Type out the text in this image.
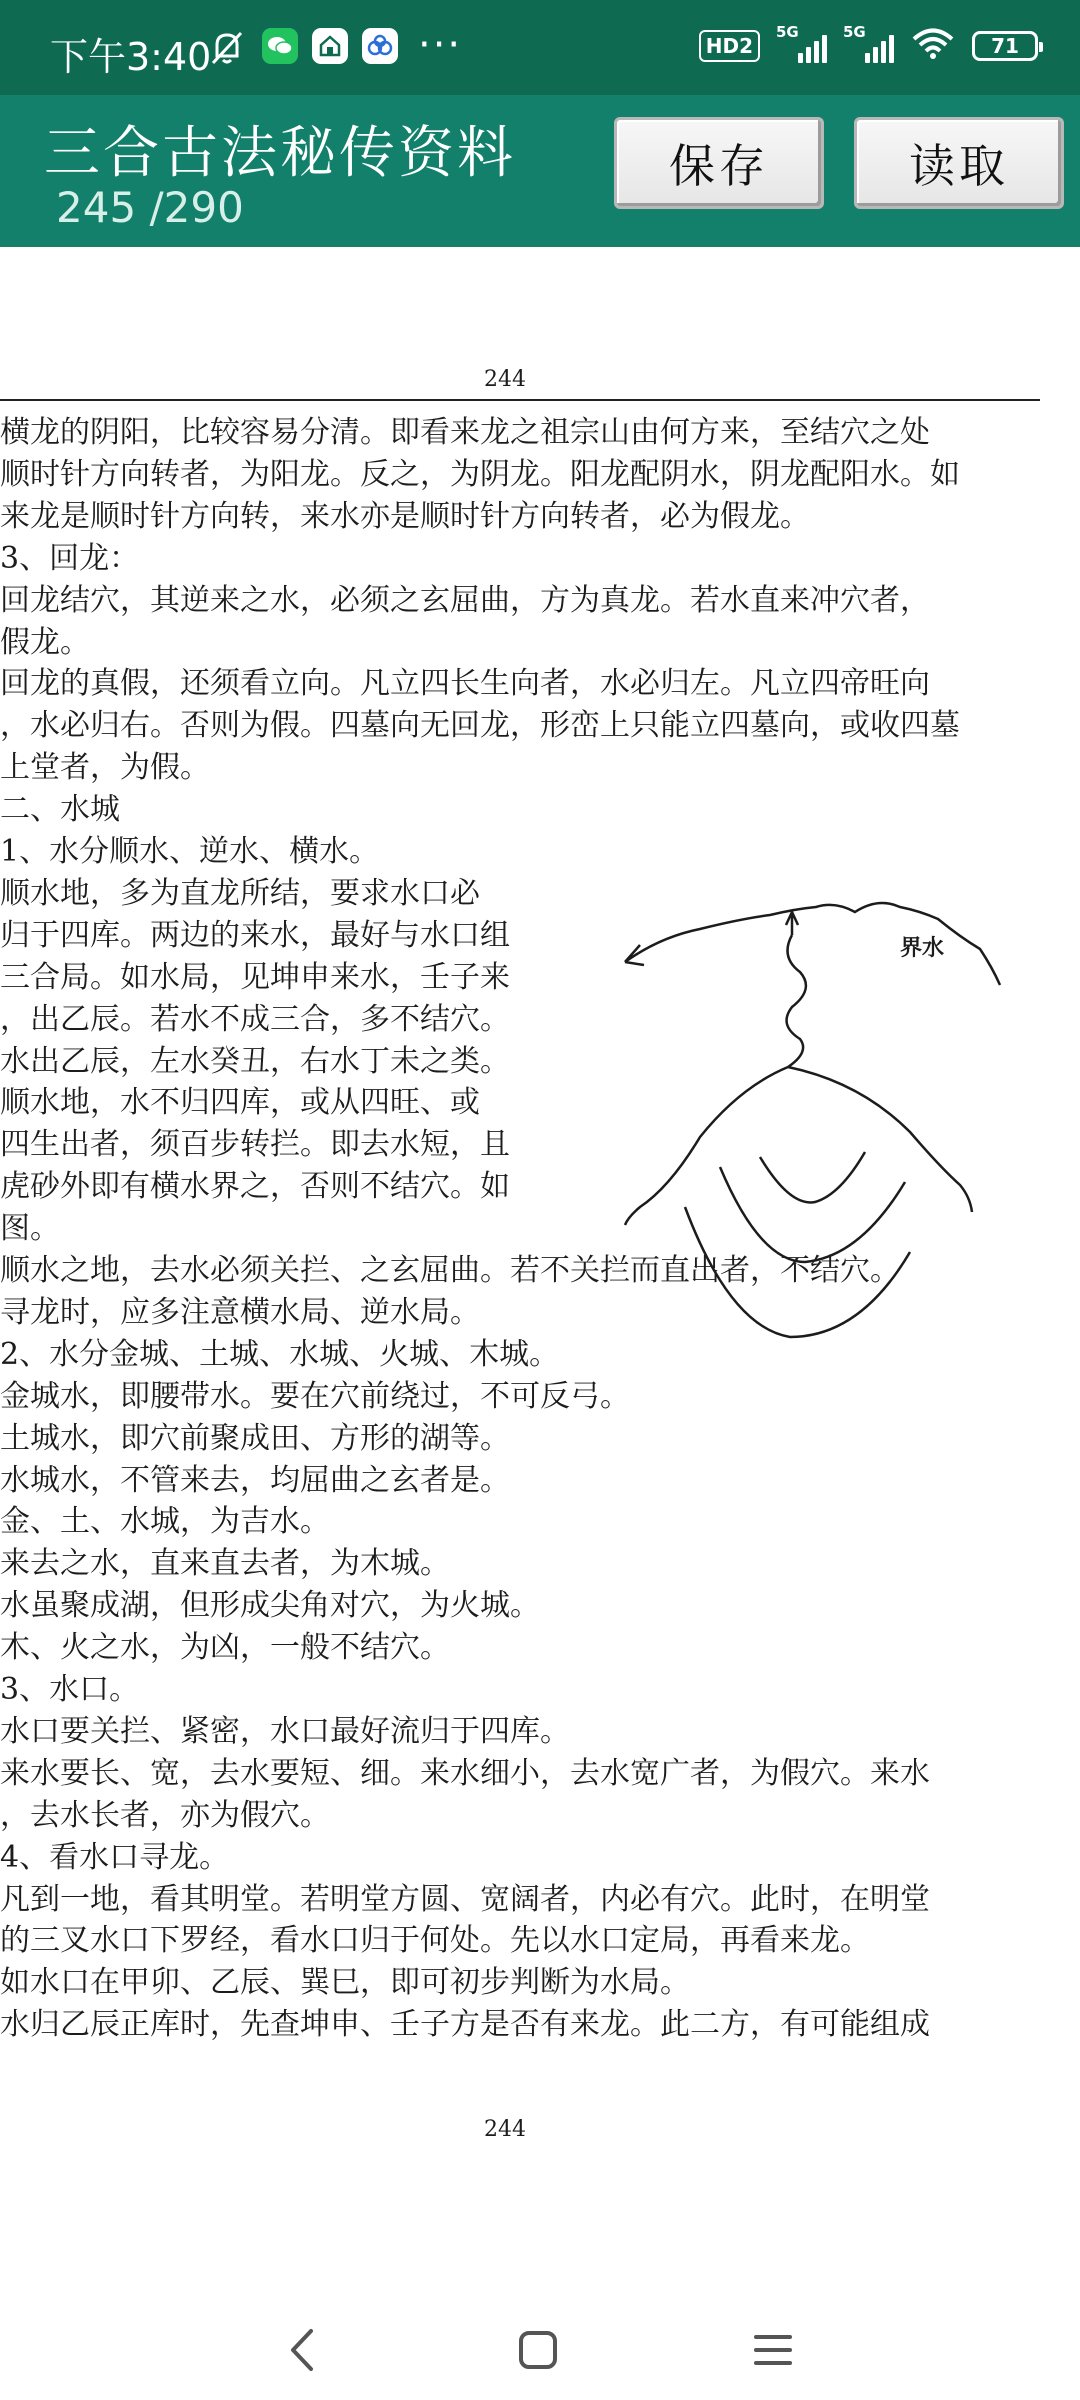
下午3:40	···	HD2
5G	5G
71
三合古法秘传资料
245 /290
保存	读取
244
横龙的阴阳，比较容易分清。即看来龙之祖宗山由何方来，至结穴之处
顺时针方向转者，为阳龙。反之，为阴龙。阳龙配阴水，阴龙配阳水。如
来龙是顺时针方向转，来水亦是顺时针方向转者，必为假龙。
3、回龙：
回龙结穴，其逆来之水，必须之玄屈曲，方为真龙。若水直来冲穴者，
假龙。
回龙的真假，还须看立向。凡立四长生向者，水必归左。凡立四帝旺向
，水必归右。否则为假。四墓向无回龙，形峦上只能立四墓向，或收四墓
上堂者，为假。
二、水城
1、水分顺水、逆水、横水。
顺水地，多为直龙所结，要求水口必
归于四库。两边的来水，最好与水口组
三合局。如水局，见坤申来水，壬子来
，出乙辰。若水不成三合，多不结穴。
水出乙辰，左水癸丑，右水丁未之类。
顺水地，水不归四库，或从四旺、或
四生出者，须百步转拦。即去水短，且
虎砂外即有横水界之，否则不结穴。如
图。
顺水之地，去水必须关拦、之玄屈曲。若不关拦而直出者，不结穴。
寻龙时，应多注意横水局、逆水局。
2、水分金城、土城、水城、火城、木城。
金城水，即腰带水。要在穴前绕过，不可反弓。
土城水，即穴前聚成田、方形的湖等。
水城水，不管来去，均屈曲之玄者是。
金、土、水城，为吉水。
来去之水，直来直去者，为木城。
水虽聚成湖，但形成尖角对穴，为火城。
木、火之水，为凶，一般不结穴。
3、水口。
水口要关拦、紧密，水口最好流归于四库。
来水要长、宽，去水要短、细。来水细小，去水宽广者，为假穴。来水
，去水长者，亦为假穴。
4、看水口寻龙。
凡到一地，看其明堂。若明堂方圆、宽阔者，内必有穴。此时，在明堂
的三叉水口下罗经，看水口归于何处。先以水口定局，再看来龙。
如水口在甲卯、乙辰、巽巳，即可初步判断为水局。
水归乙辰正库时，先查坤申、壬子方是否有来龙。此二方，有可能组成
界水
244
